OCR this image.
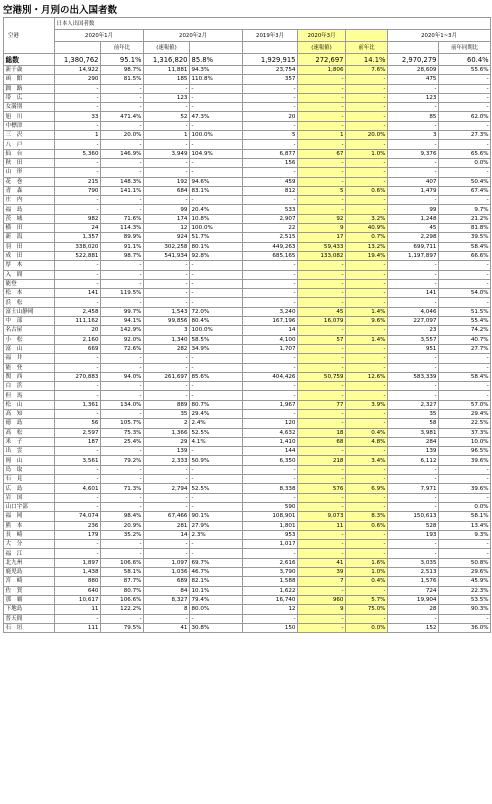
空港別・月別の出入国者数
空港	日本人出国者数								
	2020年1月		2020年2月		2019年3月	2020年3月		2020年1~3月	
		前年比	(速報値)			(速報値)	前年比		前年同期比
総数	1,380,762	95.1%	1,316,820	85.8%	1,929,915	272,697	14.1%	2,970,279	60.4%
新千歳	14,922	98.7%	11,881	94.3%	23,754	1,806	7.6%	28,609	55.6%
函　館	290	81.5%	185	110.8%	357	-	-	475	-
釧　路	-	-	-	-	-	-	-	-	-
帯　広	-	-	123	-	-	-	-	123	-
女満別	-	-	-	-	-	-	-	-	-
旭　川	33	471.4%	52	47.3%	20	-	-	85	62.0%
中標津	-	-	-	-	-	-	-	-	-
三　沢	1	20.0%	1	100.0%	5	1	20.0%	3	27.3%
八　戸	-	-	-	-	-	-	-	-	-
仙　台	5,360	146.9%	3,949	104.9%	6,877	67	1.0%	9,376	65.6%
秋　田	-	-	-	-	156	-	-	-	0.0%
山　形	-	-	-	-	-	-	-	-	-
花　巻	215	148.3%	192	94.6%	459	-	-	407	50.4%
青　森	790	141.1%	684	83.1%	812	5	0.6%	1,479	67.4%
庄　内	-	-	-	-	-	-	-	-	-
福　島	-	-	99	20.4%	533	-	-	99	9.7%
茨　城	982	71.6%	174	10.8%	2,907	92	3.2%	1,248	21.2%
横　田	24	114.3%	12	100.0%	22	9	40.9%	45	81.8%
新　潟	1,357	89.9%	924	51.7%	2,515	17	0.7%	2,298	39.5%
羽　田	338,020	91.1%	302,258	80.1%	449,263	59,433	13.2%	699,711	58.4%
成　田	522,881	98.7%	541,934	92.8%	685,165	133,082	19.4%	1,197,897	66.6%
厚　木	-	-	-	-	-	-	-	-	-
入　間	-	-	-	-	-	-	-	-	-
能登	-	-	-	-	-	-	-	-	-
松　本	141	119.5%	-	-	-	-	-	141	54.0%
浜　松	-	-	-	-	-	-	-	-	-
富士山静岡	2,458	99.7%	1,543	72.0%	3,240	45	1.4%	4,046	51.5%
中　部	111,162	94.1%	99,856	80.4%	167,196	16,079	9.6%	227,097	55.4%
名古屋	20	142.9%	3	100.0%	14	-	-	23	74.2%
小　松	2,160	92.0%	1,340	58.5%	4,100	57	1.4%	3,557	40.7%
富　山	669	72.6%	282	34.9%	1,707	-	-	951	27.7%
福　井	-	-	-	-	-	-	-	-	-
能　登	-	-	-	-	-	-	-	-	-
関　西	270,883	94.0%	261,697	85.6%	404,426	50,759	12.6%	583,339	58.4%
白　浜	-	-	-	-	-	-	-	-	-
但　馬	-	-	-	-	-	-	-	-	-
松　山	1,361	134.0%	889	80.7%	1,967	77	3.9%	2,327	57.0%
高　知	-	-	35	29.4%	-	-	-	35	29.4%
徳　島	56	105.7%	2	2.4%	120	-	-	58	22.5%
高　松	2,597	75.3%	1,366	52.5%	4,632	18	0.4%	3,981	37.3%
米　子	187	25.4%	29	4.1%	1,410	68	4.8%	284	10.0%
出　雲	-	-	139	-	144	-	-	139	96.5%
岡　山	3,561	79.2%	2,333	50.9%	6,350	218	3.4%	6,112	39.6%
鳥　取	-	-	-	-	-	-	-	-	-
石　見	-	-	-	-	-	-	-	-	-
広　島	4,601	71.3%	2,794	52.5%	8,338	576	6.9%	7,971	39.6%
岩　国	-	-	-	-	-	-	-	-	-
山口宇部	-	-	-	-	590	-	-	-	0.0%
福　岡	74,074	98.4%	67,466	90.1%	108,901	9,073	8.3%	150,613	58.1%
熊　本	236	20.9%	281	27.9%	1,801	11	0.6%	528	13.4%
長　崎	179	35.2%	14	2.3%	953	-	-	193	9.3%
大　分	-	-	-	-	1,017	-	-	-	-
福　江	-	-	-	-	-	-	-	-	-
北九州	1,897	106.6%	1,097	69.7%	2,616	41	1.6%	3,035	50.8%
鹿児島	1,438	58.1%	1,036	46.7%	3,790	39	1.0%	2,513	29.6%
宮　崎	880	87.7%	689	82.1%	1,588	7	0.4%	1,576	45.9%
佐　賀	640	80.7%	84	10.1%	1,622	-	-	724	22.3%
那　覇	10,617	106.6%	8,327	79.4%	16,740	960	5.7%	19,904	53.5%
下地島	11	122.2%	8	80.0%	12	9	75.0%	28	90.3%
普天間	-	-	-	-	-	-	-	-	-
石　垣	111	79.5%	41	30.8%	150	-	0.0%	152	36.0%
